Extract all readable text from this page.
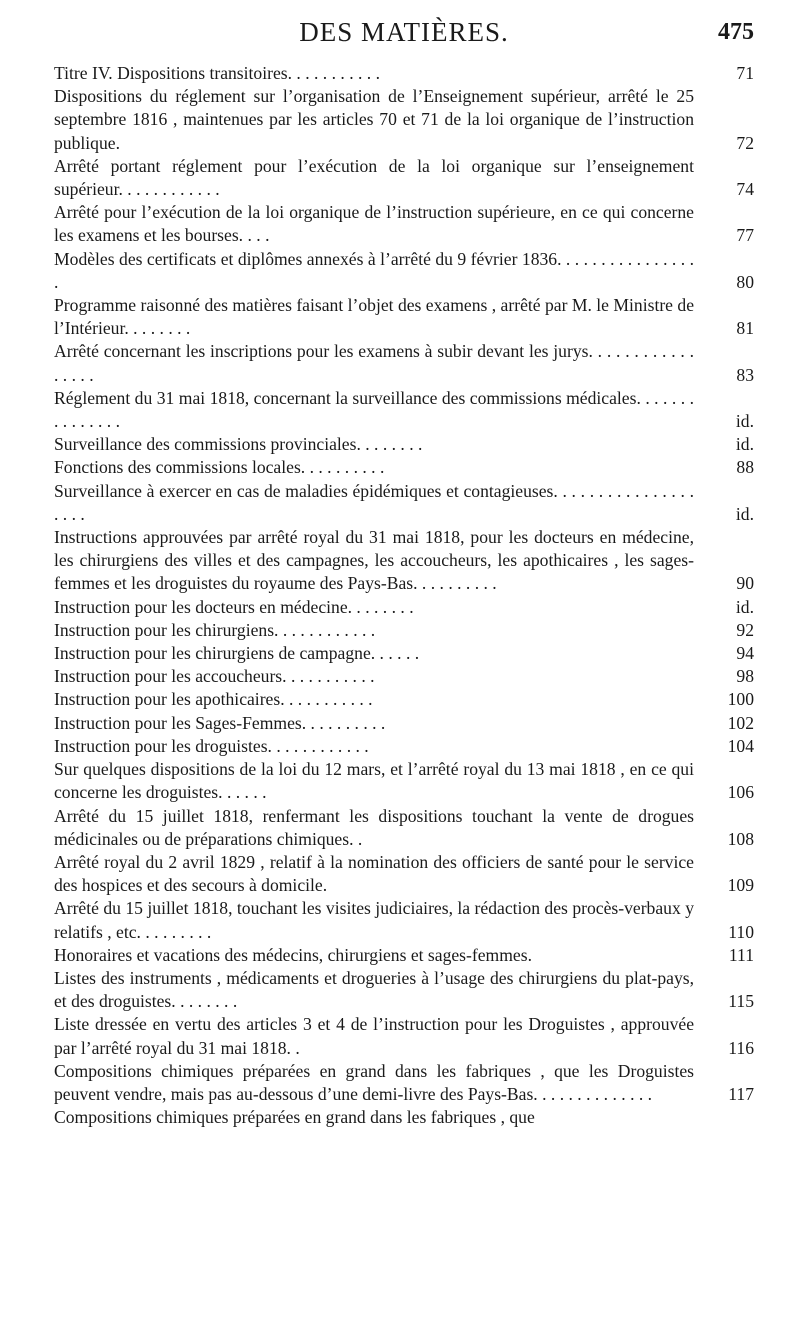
DES MATIÈRES.	475
Titre IV. Dispositions transitoires. . . . . . . . . . .	71
Dispositions du réglement sur l’organisation de l’Enseignement supérieur, arrêté le 25 septembre 1816 , maintenues par les articles 70 et 71 de la loi organique de l’instruction publique.	72
Arrêté portant réglement pour l’exécution de la loi organique sur l’enseignement supérieur. . . . . . . . . . . .	74
Arrêté pour l’exécution de la loi organique de l’instruction supérieure, en ce qui concerne les examens et les bourses. . . .	77
Modèles des certificats et diplômes annexés à l’arrêté du 9 février 1836. . . . . . . . . . . . . . . . .	80
Programme raisonné des matières faisant l’objet des examens , arrêté par M. le Ministre de l’Intérieur. . . . . . . .	81
Arrêté concernant les inscriptions pour les examens à subir devant les jurys. . . . . . . . . . . . . . . . .	83
Réglement du 31 mai 1818, concernant la surveillance des commissions médicales. . . . . . . . . . . . . . .	id.
Surveillance des commissions provinciales. . . . . . . .	id.
Fonctions des commissions locales. . . . . . . . . .	88
Surveillance à exercer en cas de maladies épidémiques et contagieuses. . . . . . . . . . . . . . . . . . . .	id.
Instructions approuvées par arrêté royal du 31 mai 1818, pour les docteurs en médecine, les chirurgiens des villes et des campagnes, les accoucheurs, les apothicaires , les sages-femmes et les droguistes du royaume des Pays-Bas. . . . . . . . . .	90
Instruction pour les docteurs en médecine. . . . . . . .	id.
Instruction pour les chirurgiens. . . . . . . . . . . .	92
Instruction pour les chirurgiens de campagne. . . . . .	94
Instruction pour les accoucheurs. . . . . . . . . . .	98
Instruction pour les apothicaires. . . . . . . . . . .	100
Instruction pour les Sages-Femmes. . . . . . . . . .	102
Instruction pour les droguistes. . . . . . . . . . . .	104
Sur quelques dispositions de la loi du 12 mars, et l’arrêté royal du 13 mai 1818 , en ce qui concerne les droguistes. . . . . .	106
Arrêté du 15 juillet 1818, renfermant les dispositions touchant la vente de drogues médicinales ou de préparations chimiques. .	108
Arrêté royal du 2 avril 1829 , relatif à la nomination des officiers de santé pour le service des hospices et des secours à domicile.	109
Arrêté du 15 juillet 1818, touchant les visites judiciaires, la rédaction des procès-verbaux y relatifs , etc. . . . . . . . .	110
Honoraires et vacations des médecins, chirurgiens et sages-femmes.	111
Listes des instruments , médicaments et drogueries à l’usage des chirurgiens du plat-pays, et des droguistes. . . . . . . .	115
Liste dressée en vertu des articles 3 et 4 de l’instruction pour les Droguistes , approuvée par l’arrêté royal du 31 mai 1818. .	116
Compositions chimiques préparées en grand dans les fabriques , que les Droguistes peuvent vendre, mais pas au-dessous d’une demi-livre des Pays-Bas. . . . . . . . . . . . . .	117
Compositions chimiques préparées en grand dans les fabriques , que
